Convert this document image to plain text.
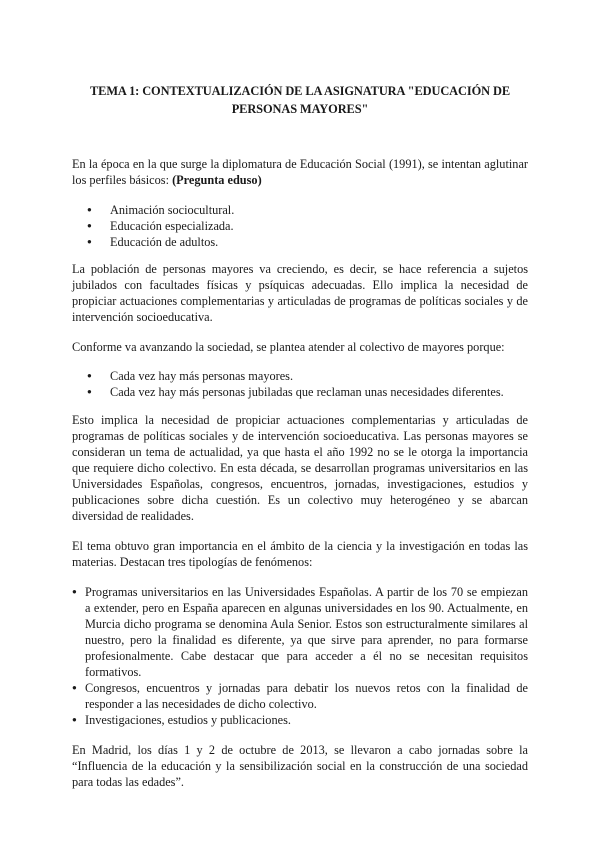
TEMA 1: CONTEXTUALIZACIÓN DE LA ASIGNATURA "EDUCACIÓN DE PERSONAS MAYORES"

En la época en la que surge la diplomatura de Educación Social (1991), se intentan aglutinar los perfiles básicos: (Pregunta eduso)

● Animación sociocultural.
● Educación especializada.
● Educación de adultos.

La población de personas mayores va creciendo, es decir, se hace referencia a sujetos jubilados con facultades físicas y psíquicas adecuadas. Ello implica la necesidad de propiciar actuaciones complementarias y articuladas de programas de políticas sociales y de intervención socioeducativa.

Conforme va avanzando la sociedad, se plantea atender al colectivo de mayores porque:

● Cada vez hay más personas mayores.
● Cada vez hay más personas jubiladas que reclaman unas necesidades diferentes.

Esto implica la necesidad de propiciar actuaciones complementarias y articuladas de programas de políticas sociales y de intervención socioeducativa. Las personas mayores se consideran un tema de actualidad, ya que hasta el año 1992 no se le otorga la importancia que requiere dicho colectivo. En esta década, se desarrollan programas universitarios en las Universidades Españolas, congresos, encuentros, jornadas, investigaciones, estudios y publicaciones sobre dicha cuestión. Es un colectivo muy heterogéneo y se abarcan diversidad de realidades.

El tema obtuvo gran importancia en el ámbito de la ciencia y la investigación en todas las materias. Destacan tres tipologías de fenómenos:

● Programas universitarios en las Universidades Españolas. A partir de los 70 se empiezan a extender, pero en España aparecen en algunas universidades en los 90. Actualmente, en Murcia dicho programa se denomina Aula Senior. Estos son estructuralmente similares al nuestro, pero la finalidad es diferente, ya que sirve para aprender, no para formarse profesionalmente. Cabe destacar que para acceder a él no se necesitan requisitos formativos.
● Congresos, encuentros y jornadas para debatir los nuevos retos con la finalidad de responder a las necesidades de dicho colectivo.
● Investigaciones, estudios y publicaciones.

En Madrid, los días 1 y 2 de octubre de 2013, se llevaron a cabo jornadas sobre la “Influencia de la educación y la sensibilización social en la construcción de una sociedad para todas las edades”.
